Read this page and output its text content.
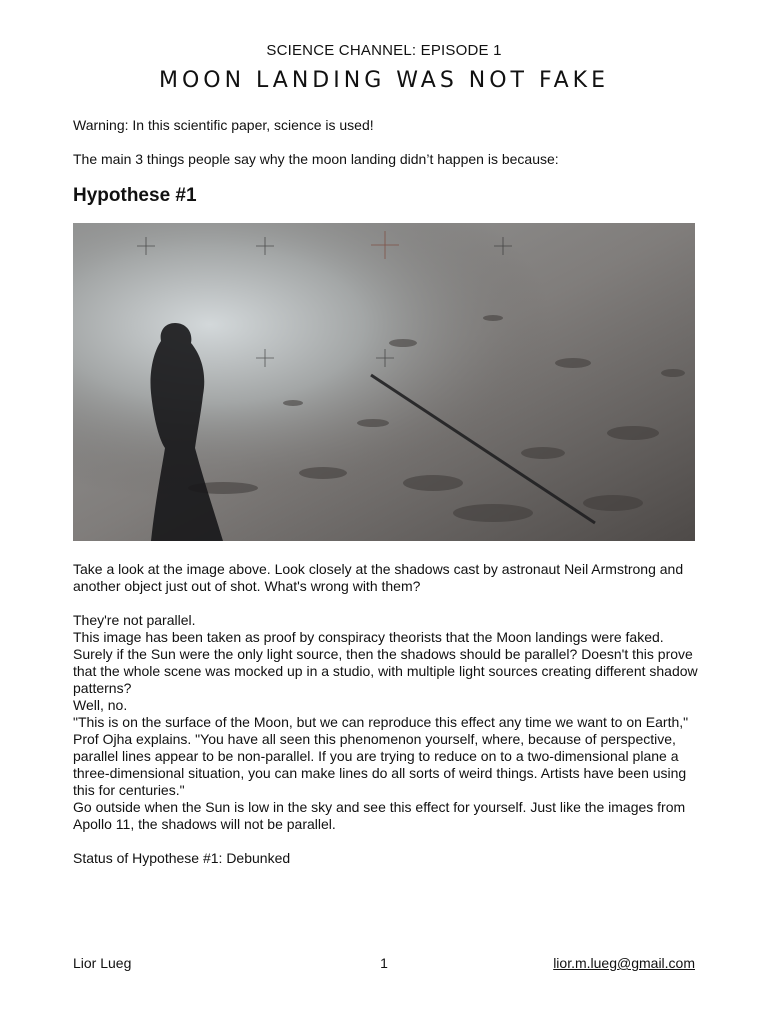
SCIENCE CHANNEL: EPISODE 1
MOON LANDING WAS NOT FAKE

Warning: In this scientific paper, science is used!

The main 3 things people say why the moon landing didn’t happen is because:

Hypothese #1

Take a look at the image above. Look closely at the shadows cast by astronaut Neil Armstrong and another object just out of shot. What's wrong with them?

They're not parallel.

This image has been taken as proof by conspiracy theorists that the Moon landings were faked. Surely if the Sun were the only light source, then the shadows should be parallel? Doesn't this prove that the whole scene was mocked up in a studio, with multiple light sources creating different shadow patterns?

Well, no.

"This is on the surface of the Moon, but we can reproduce this effect any time we want to on Earth," Prof Ojha explains. "You have all seen this phenomenon yourself, where, because of perspective, parallel lines appear to be non-parallel. If you are trying to reduce on to a two-dimensional plane a three-dimensional situation, you can make lines do all sorts of weird things. Artists have been using this for centuries."

Go outside when the Sun is low in the sky and see this effect for yourself. Just like the images from Apollo 11, the shadows will not be parallel.

Status of Hypothese #1: Debunked

Lior Lueg	1	lior.m.lueg@gmail.com
